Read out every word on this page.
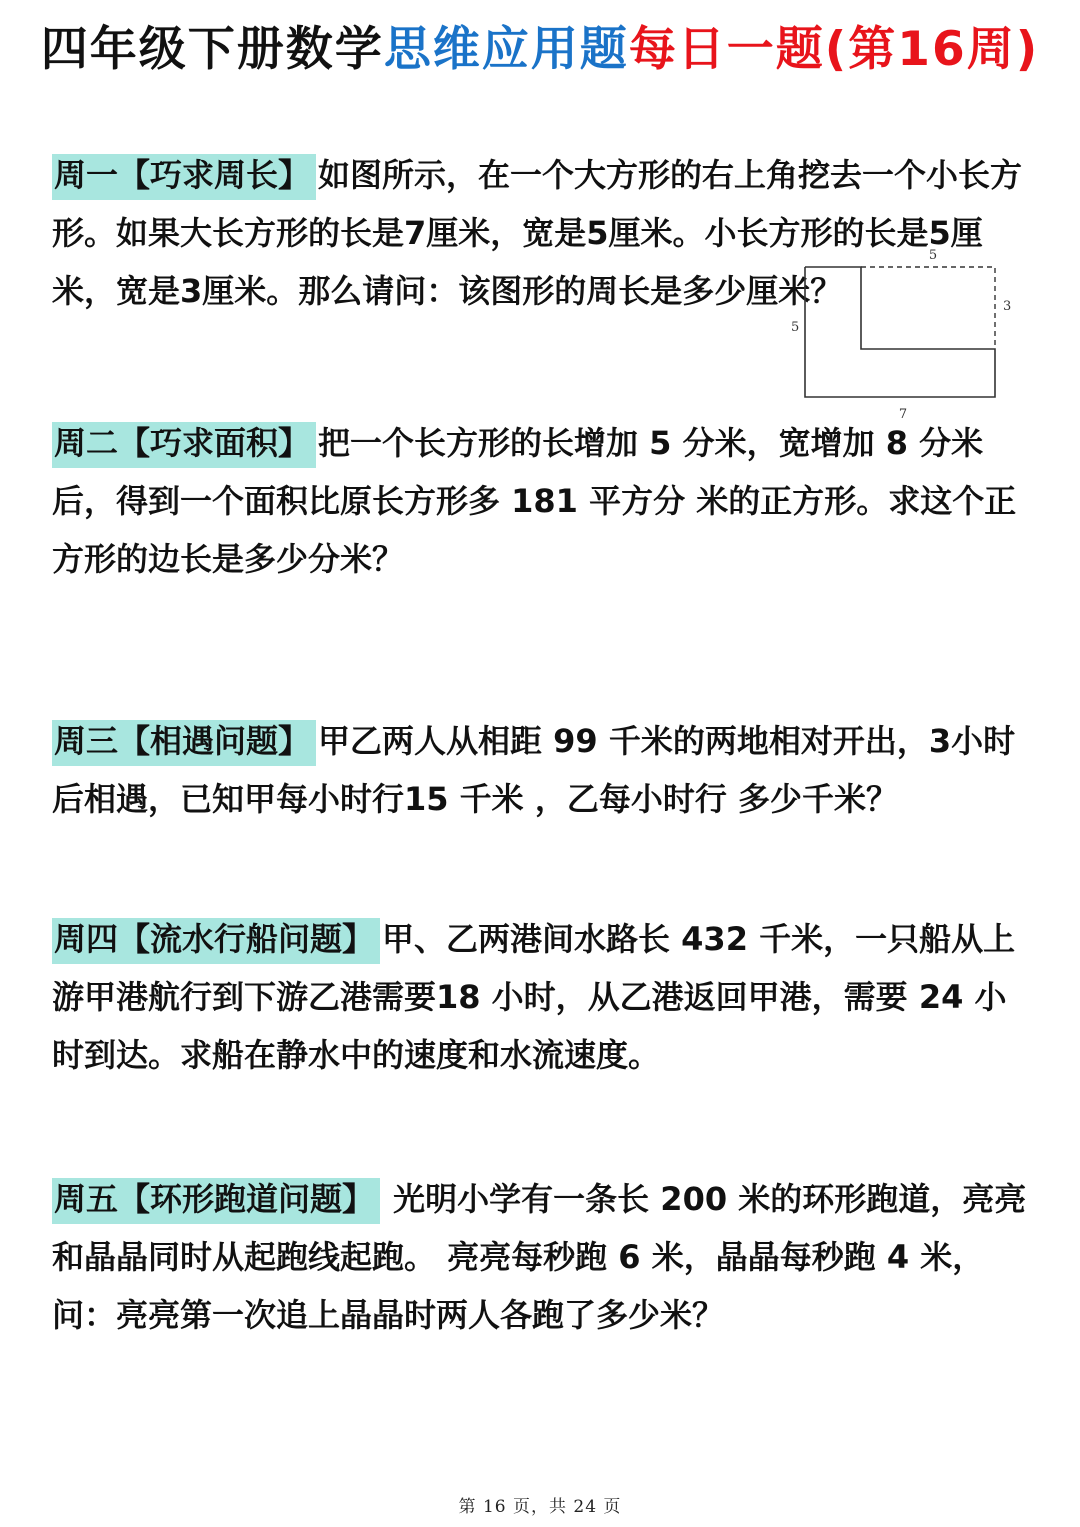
四年级下册数学思维应用题每日一题(第16周)
周一【巧求周长】 如图所示，在一个大方形的右上角挖去一个小长方形。如果大长方形的长是7厘米，宽是5厘米。小长方形的长是5厘米，宽是3厘米。那么请问：该图形的周长是多少厘米？
5
3
5
7
周二【巧求面积】 把一个长方形的长增加 5 分米，宽增加 8 分米后，得到一个面积比原长方形多 181 平方分 米的正方形。求这个正方形的边长是多少分米？
周三【相遇问题】 甲乙两人从相距 99 千米的两地相对开出，3小时后相遇，已知甲每小时行15 千米 ，乙每小时行 多少千米？
周四【流水行船问题】 甲、乙两港间水路长 432 千米，一只船从上游甲港航行到下游乙港需要18 小时，从乙港返回甲港，需要 24 小时到达。求船在静水中的速度和水流速度。
周五【环形跑道问题】 光明小学有一条长 200 米的环形跑道，亮亮和晶晶同时从起跑线起跑。 亮亮每秒跑 6 米，晶晶每秒跑 4 米，问：亮亮第一次追上晶晶时两人各跑了多少米？
第 16 页，共 24 页
